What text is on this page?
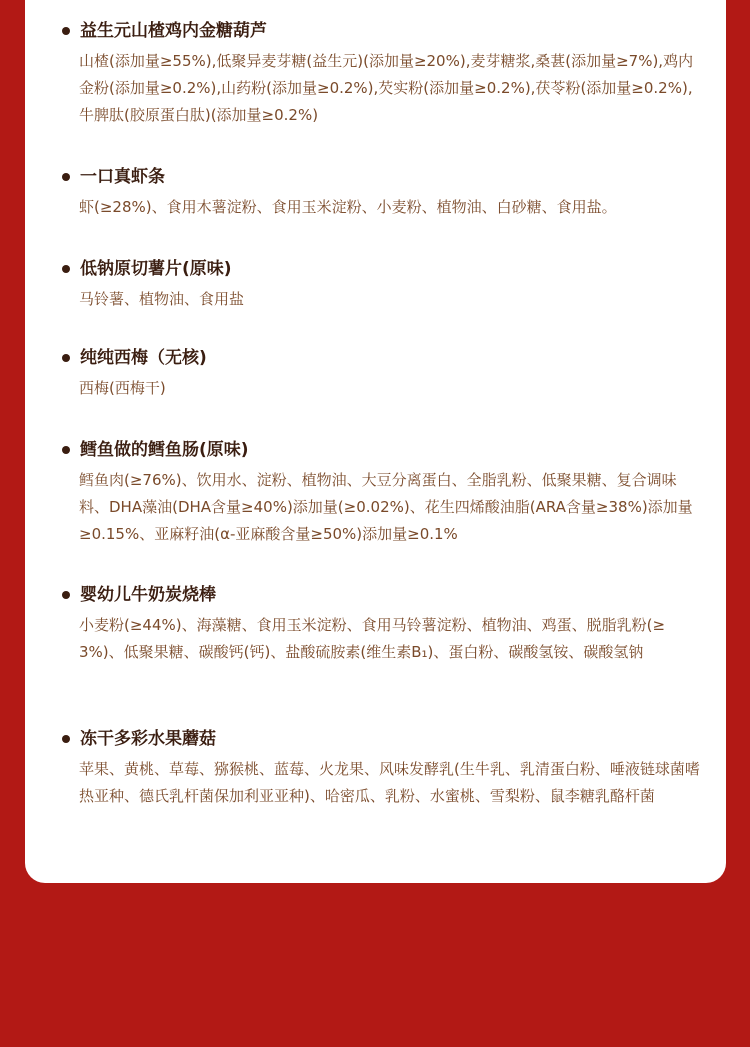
益生元山楂鸡内金糖葫芦
山楂(添加量≥55%),低聚异麦芽糖(益生元)(添加量≥20%),麦芽糖浆,桑葚(添加量≥7%),鸡内金粉(添加量≥0.2%),山药粉(添加量≥0.2%),芡实粉(添加量≥0.2%),茯苓粉(添加量≥0.2%),牛脾肽(胶原蛋白肽)(添加量≥0.2%)
一口真虾条
虾(≥28%)、食用木薯淀粉、食用玉米淀粉、小麦粉、植物油、白砂糖、食用盐。
低钠原切薯片(原味)
马铃薯、植物油、食用盐
纯纯西梅（无核)
西梅(西梅干)
鳕鱼做的鳕鱼肠(原味)
鳕鱼肉(≥76%)、饮用水、淀粉、植物油、大豆分离蛋白、全脂乳粉、低聚果糖、复合调味料、DHA藻油(DHA含量≥40%)添加量(≥0.02%)、花生四烯酸油脂(ARA含量≥38%)添加量≥0.15%、亚麻籽油(α-亚麻酸含量≥50%)添加量≥0.1%
婴幼儿牛奶炭烧棒
小麦粉(≥44%)、海藻糖、食用玉米淀粉、食用马铃薯淀粉、植物油、鸡蛋、脱脂乳粉(≥3%)、低聚果糖、碳酸钙(钙)、盐酸硫胺素(维生素B₁)、蛋白粉、碳酸氢铵、碳酸氢钠
冻干多彩水果蘑菇
苹果、黄桃、草莓、猕猴桃、蓝莓、火龙果、风味发酵乳(生牛乳、乳清蛋白粉、唾液链球菌嗜热亚种、德氏乳杆菌保加利亚亚种)、哈密瓜、乳粉、水蜜桃、雪梨粉、鼠李糖乳酪杆菌
